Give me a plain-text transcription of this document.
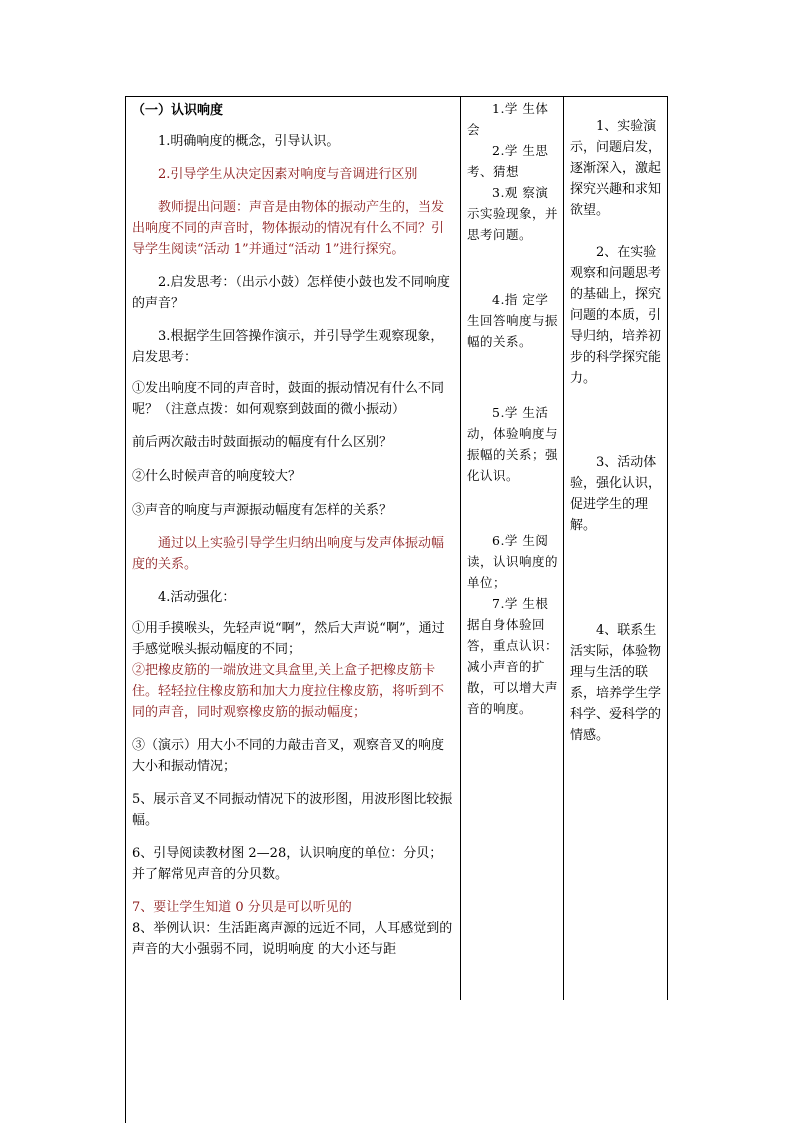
（一）认识响度

1.明确响度的概念，引导认识。

2.引导学生从决定因素对响度与音调进行区别

教师提出问题：声音是由物体的振动产生的，当发出响度不同的声音时，物体振动的情况有什么不同？引导学生阅读“活动 1”并通过“活动 1”进行探究。

2.启发思考：（出示小鼓）怎样使小鼓也发不同响度的声音？

3.根据学生回答操作演示，并引导学生观察现象，启发思考：

①发出响度不同的声音时，鼓面的振动情况有什么不同呢？（注意点拨：如何观察到鼓面的微小振动）

前后两次敲击时鼓面振动的幅度有什么区别？

②什么时候声音的响度较大？

③声音的响度与声源振动幅度有怎样的关系？

通过以上实验引导学生归纳出响度与发声体振动幅度的关系。

4.活动强化：

①用手摸喉头，先轻声说“啊”，然后大声说“啊”，通过手感觉喉头振动幅度的不同；

②把橡皮筋的一端放进文具盒里,关上盒子把橡皮筋卡住。轻轻拉住橡皮筋和加大力度拉住橡皮筋，将听到不同的声音，同时观察橡皮筋的振动幅度；

③（演示）用大小不同的力敲击音叉，观察音叉的响度大小和振动情况；

5、展示音叉不同振动情况下的波形图，用波形图比较振幅。

6、引导阅读教材图 2—28，认识响度的单位：分贝；并了解常见声音的分贝数。

7、要让学生知道 0 分贝是可以听见的

8、举例认识：生活距离声源的远近不同，人耳感觉到的声音的大小强弱不同，说明响度 的大小还与距

1.学 生体会

2.学 生思考、猜想

3.观 察演示实验现象，并思考问题。

4.指 定学生回答响度与振幅的关系。

5.学 生活动，体验响度与振幅的关系；强化认识。

6.学 生阅读，认识响度的单位；

7.学 生根据自身体验回答，重点认识：减小声音的扩散，可以增大声音的响度。

1、实验演示，问题启发，逐渐深入，激起探究兴趣和求知欲望。

2、在实验观察和问题思考的基础上，探究问题的本质，引导归纳，培养初步的科学探究能力。

3、活动体验，强化认识，促进学生的理解。

4、联系生活实际，体验物理与生活的联系，培养学生学科学、爱科学的情感。
